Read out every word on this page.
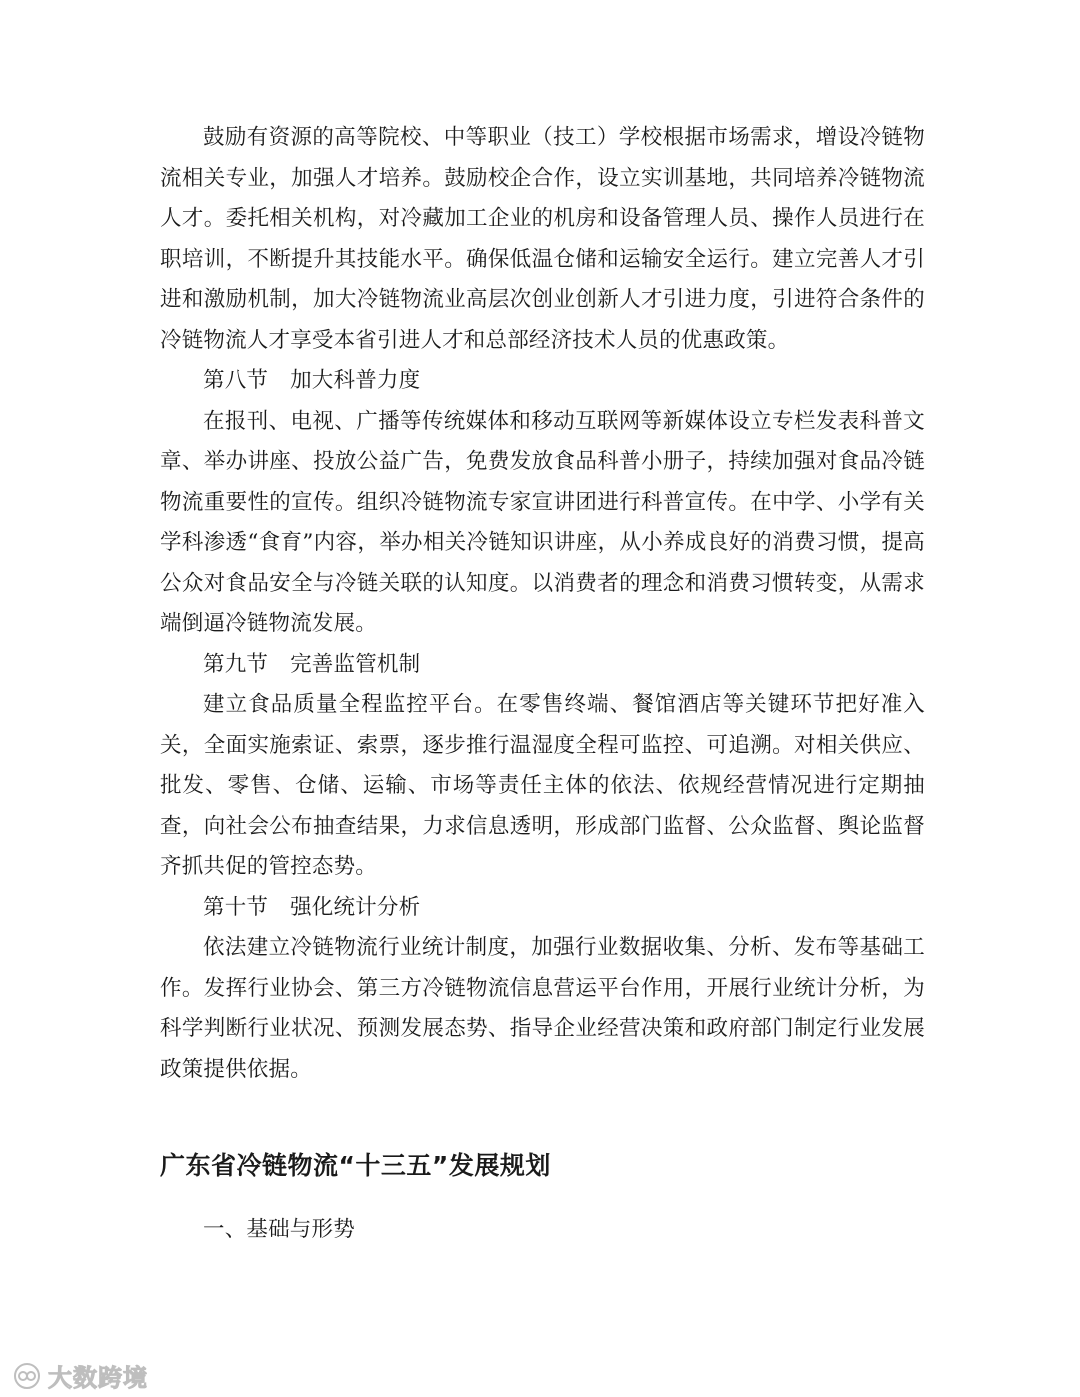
鼓励有资源的高等院校、中等职业（技工）学校根据市场需求，增设冷链物流相关专业，加强人才培养。鼓励校企合作，设立实训基地，共同培养冷链物流人才。委托相关机构，对冷藏加工企业的机房和设备管理人员、操作人员进行在职培训，不断提升其技能水平。确保低温仓储和运输安全运行。建立完善人才引进和激励机制，加大冷链物流业高层次创业创新人才引进力度，引进符合条件的冷链物流人才享受本省引进人才和总部经济技术人员的优惠政策。

第八节 加大科普力度

在报刊、电视、广播等传统媒体和移动互联网等新媒体设立专栏发表科普文章、举办讲座、投放公益广告，免费发放食品科普小册子，持续加强对食品冷链物流重要性的宣传。组织冷链物流专家宣讲团进行科普宣传。在中学、小学有关学科渗透“食育”内容，举办相关冷链知识讲座，从小养成良好的消费习惯，提高公众对食品安全与冷链关联的认知度。以消费者的理念和消费习惯转变，从需求端倒逼冷链物流发展。

第九节 完善监管机制

建立食品质量全程监控平台。在零售终端、餐馆酒店等关键环节把好准入关，全面实施索证、索票，逐步推行温湿度全程可监控、可追溯。对相关供应、批发、零售、仓储、运输、市场等责任主体的依法、依规经营情况进行定期抽查，向社会公布抽查结果，力求信息透明，形成部门监督、公众监督、舆论监督齐抓共促的管控态势。

第十节 强化统计分析

依法建立冷链物流行业统计制度，加强行业数据收集、分析、发布等基础工作。发挥行业协会、第三方冷链物流信息营运平台作用，开展行业统计分析，为科学判断行业状况、预测发展态势、指导企业经营决策和政府部门制定行业发展政策提供依据。

广东省冷链物流“十三五”发展规划

一、基础与形势

大数跨境
